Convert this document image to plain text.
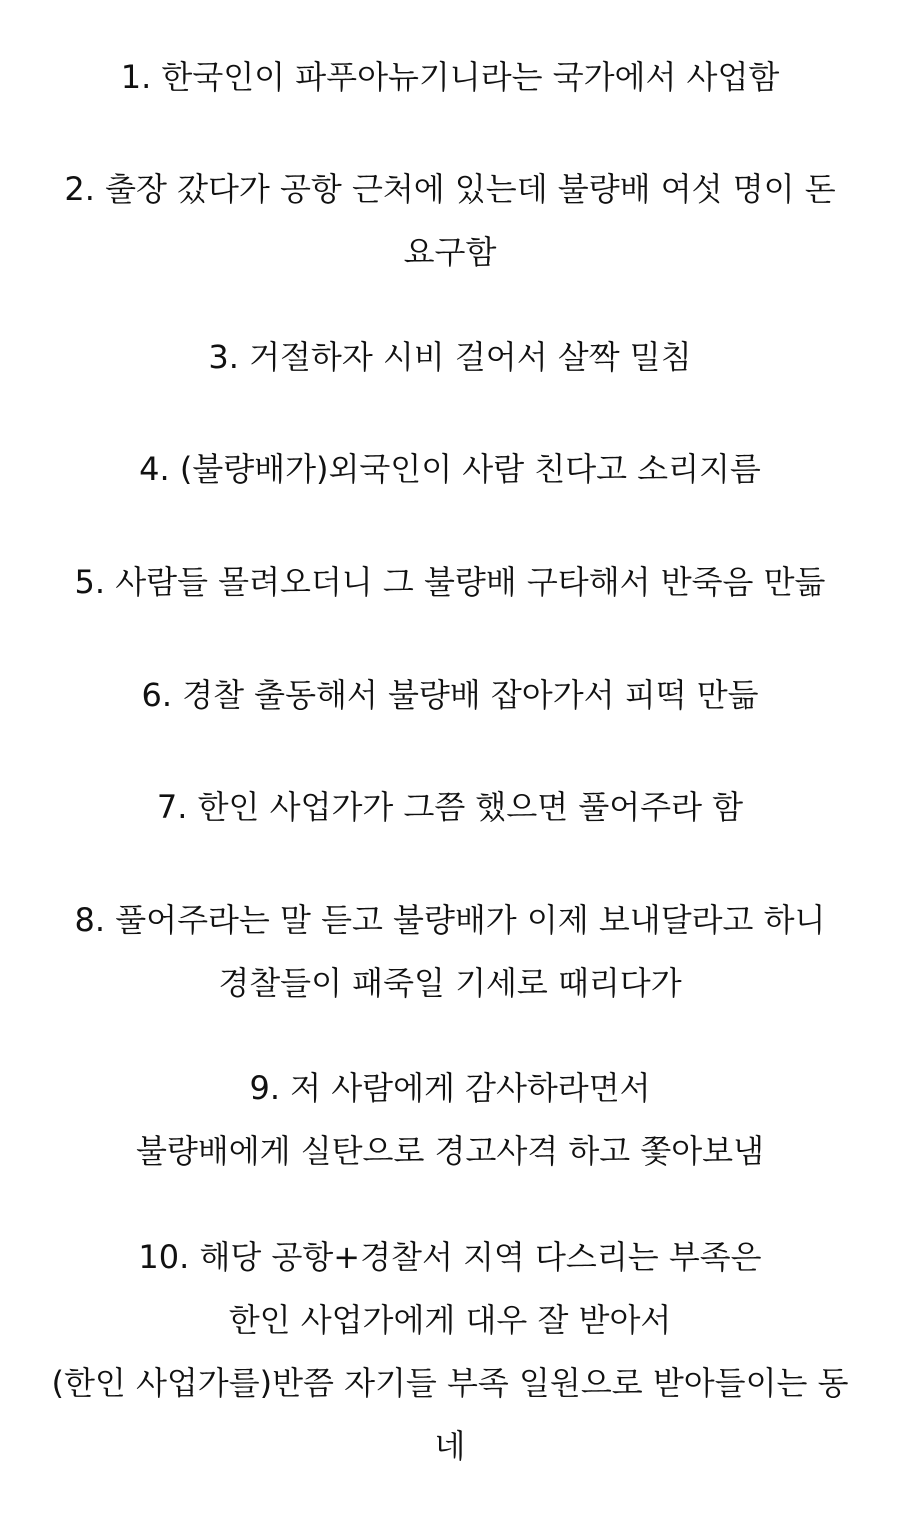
1. 한국인이 파푸아뉴기니라는 국가에서 사업함
2. 출장 갔다가 공항 근처에 있는데 불량배 여섯 명이 돈
요구함
3. 거절하자 시비 걸어서 살짝 밀침
4. (불량배가)외국인이 사람 친다고 소리지름
5. 사람들 몰려오더니 그 불량배 구타해서 반죽음 만듦
6. 경찰 출동해서 불량배 잡아가서 피떡 만듦
7. 한인 사업가가 그쯤 했으면 풀어주라 함
8. 풀어주라는 말 듣고 불량배가 이제 보내달라고 하니
경찰들이 패죽일 기세로 때리다가
9. 저 사람에게 감사하라면서
불량배에게 실탄으로 경고사격 하고 쫓아보냄
10. 해당 공항+경찰서 지역 다스리는 부족은
한인 사업가에게 대우 잘 받아서
(한인 사업가를)반쯤 자기들 부족 일원으로 받아들이는 동
네
